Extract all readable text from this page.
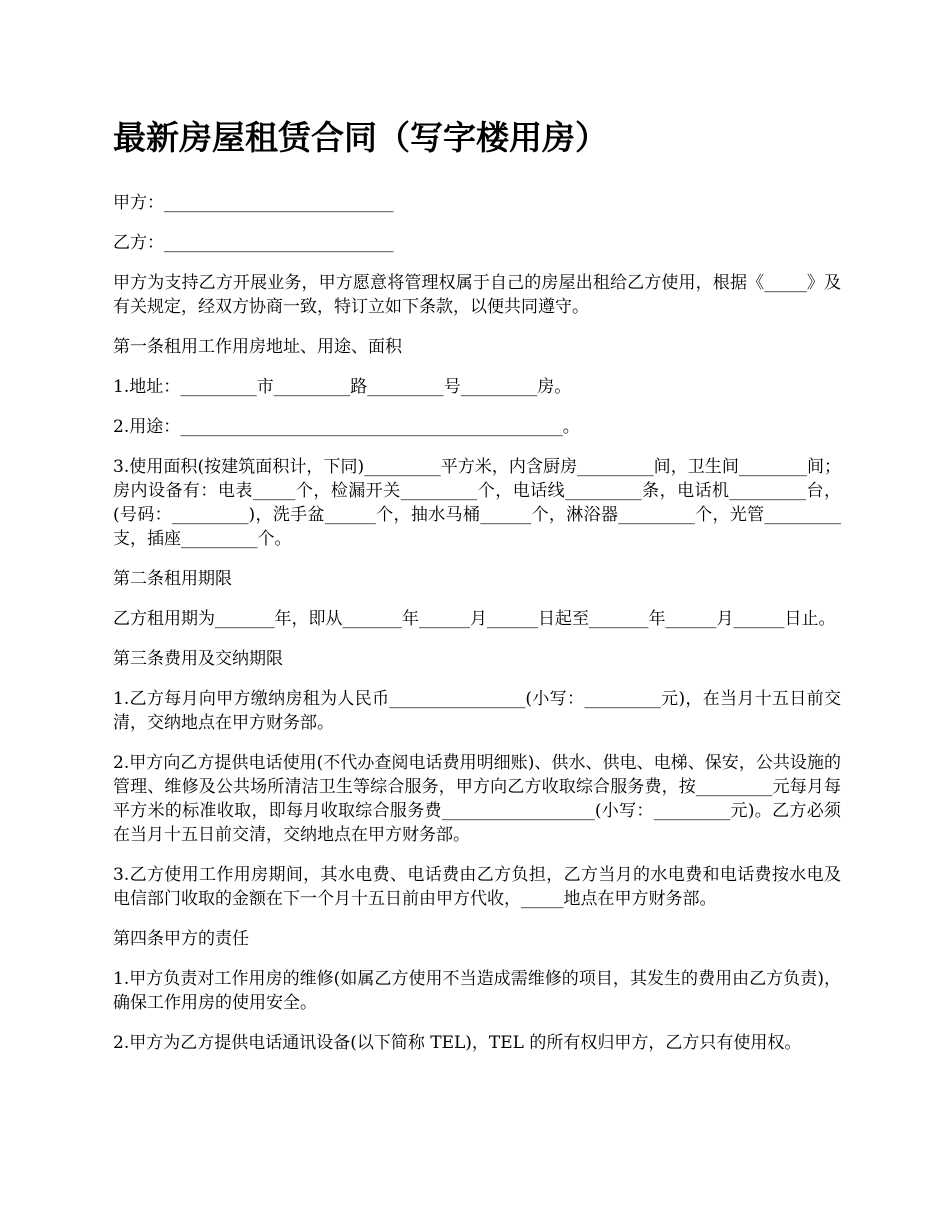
最新房屋租赁合同（写字楼用房）

甲方：___________________________

乙方：___________________________

甲方为支持乙方开展业务，甲方愿意将管理权属于自己的房屋出租给乙方使用，根据《_____》及有关规定，经双方协商一致，特订立如下条款，以便共同遵守。

第一条租用工作用房地址、用途、面积

1.地址：_________市_________路_________号_________房。

2.用途：_____________________________________________。

3.使用面积(按建筑面积计，下同)_________平方米，内含厨房_________间，卫生间________间；房内设备有：电表_____个，检漏开关_________个，电话线_________条，电话机_________台，(号码：_________)，洗手盆______个，抽水马桶______个，淋浴器_________个，光管_________支，插座_________个。

第二条租用期限

乙方租用期为_______年，即从_______年______月______日起至_______年______月______日止。

第三条费用及交纳期限

1.乙方每月向甲方缴纳房租为人民币________________(小写：_________元)，在当月十五日前交清，交纳地点在甲方财务部。

2.甲方向乙方提供电话使用(不代办查阅电话费用明细账)、供水、供电、电梯、保安，公共设施的管理、维修及公共场所清洁卫生等综合服务，甲方向乙方收取综合服务费，按_________元每月每平方米的标准收取，即每月收取综合服务费__________________(小写：_________元)。乙方必须在当月十五日前交清，交纳地点在甲方财务部。

3.乙方使用工作用房期间，其水电费、电话费由乙方负担，乙方当月的水电费和电话费按水电及电信部门收取的金额在下一个月十五日前由甲方代收，_____地点在甲方财务部。

第四条甲方的责任

1.甲方负责对工作用房的维修(如属乙方使用不当造成需维修的项目，其发生的费用由乙方负责)，确保工作用房的使用安全。

2.甲方为乙方提供电话通讯设备(以下简称 TEL)，TEL 的所有权归甲方，乙方只有使用权。
